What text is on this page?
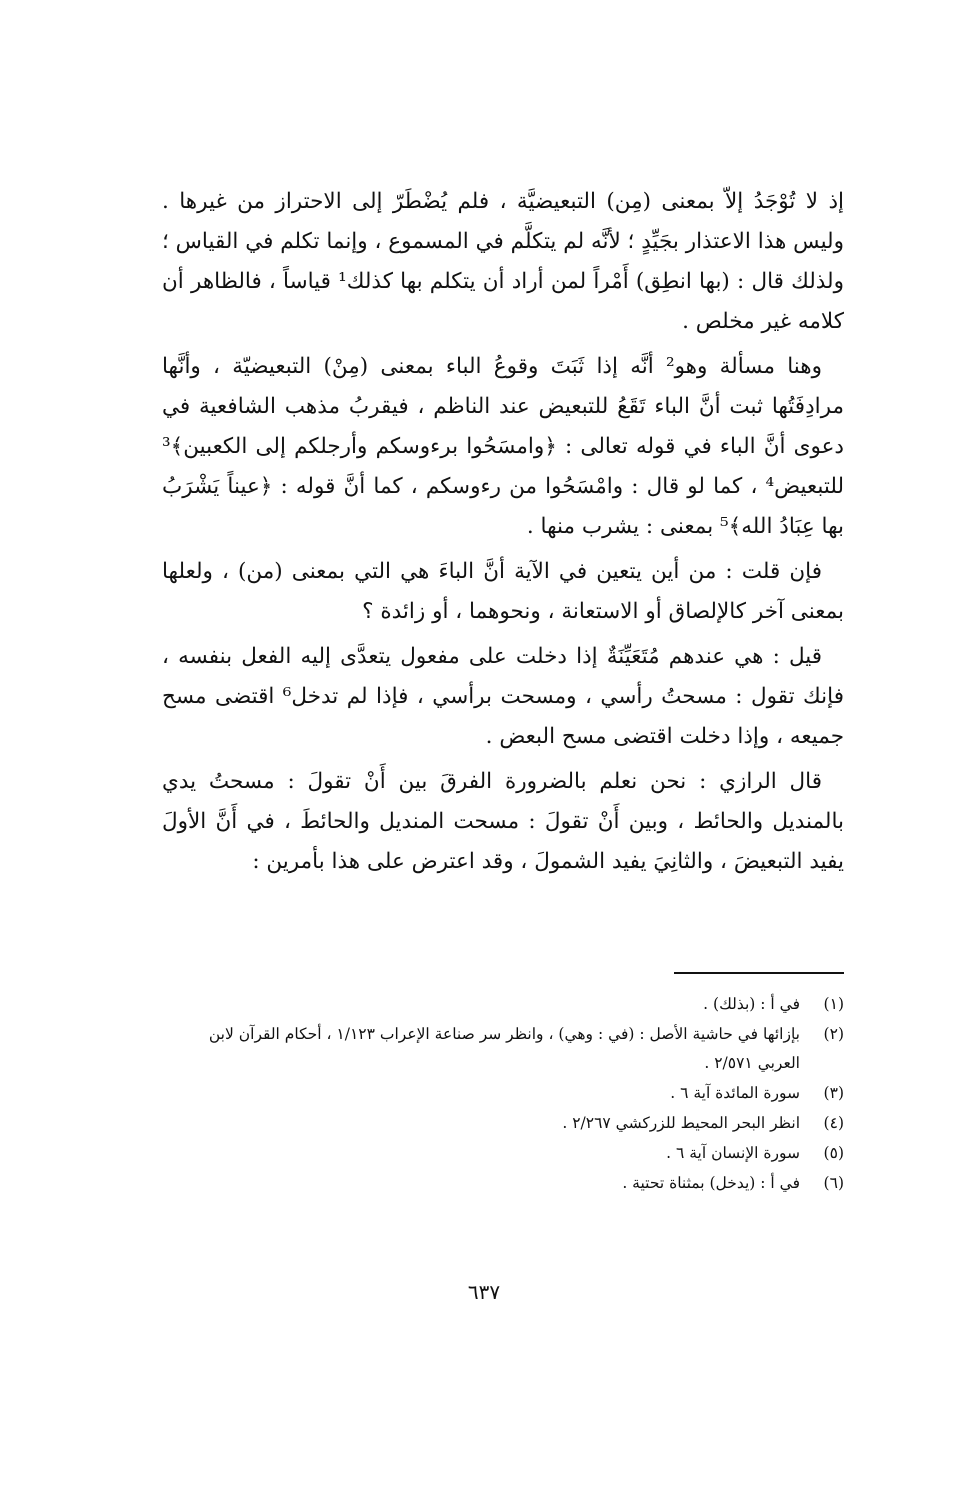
إذ لا تُوْجَدُ إلاّ بمعنى (مِن) التبعيضيَّة ، فلم يُضْطَرّ إلى الاحتراز من غيرها . وليس هذا الاعتذار بجَيِّدٍ ؛ لأنَّه لم يتكلَّم في المسموع ، وإنما تكلم في القياس ؛ ولذلك قال : (بها انطِق) أَمْراً لمن أراد أن يتكلم بها كذلك¹ قياساً ، فالظاهر أن كلامه غير مخلص .

وهنا مسألة وهو² أنَّه إذا ثَبَتَ وقوعُ الباء بمعنى (مِنْ) التبعيضيّة ، وأنَّها مرادِفَتُها ثبت أنَّ الباء تَقَعُ للتبعيض عند الناظم ، فيقربُ مذهب الشافعية في دعوى أنَّ الباء في قوله تعالى : ﴿وامسَحُوا برءوسكم وأرجلكم إلى الكعبين﴾³ للتبعيض⁴ ، كما لو قال : وامْسَحُوا من رءوسكم ، كما أنَّ قوله : ﴿عيناً يَشْرَبُ بها عِبَادُ الله﴾⁵ بمعنى : يشرب منها .

فإن قلت : من أين يتعين في الآية أنَّ الباءَ هي التي بمعنى (من) ، ولعلها بمعنى آخر كالإلصاق أو الاستعانة ، ونحوهما ، أو زائدة ؟

قيل : هي عندهم مُتَعَيِّنَةٌ إذا دخلت على مفعول يتعدَّى إليه الفعل بنفسه ، فإنك تقول : مسحتُ رأسي ، ومسحت برأسي ، فإذا لم تدخل⁶ اقتضى مسح جميعه ، وإذا دخلت اقتضى مسح البعض .

قال الرازي : نحن نعلم بالضرورة الفرقَ بين أَنْ تقولَ : مسحتُ يدي بالمنديل والحائط ، وبين أَنْ تقولَ : مسحت المنديل والحائطَ ، في أَنَّ الأولَ يفيد التبعيضَ ، والثانِيَ يفيد الشمولَ ، وقد اعترض على هذا بأمرين :

(١)
في أ : (بذلك) .
(٢)
بإزائها في حاشية الأصل : (في : وهي) ، وانظر سر صناعة الإعراب ١/١٢٣ ، أحكام القرآن لابن العربي ٢/٥٧١ .
(٣)
سورة المائدة آية ٦ .
(٤)
انظر البحر المحيط للزركشي ٢/٢٦٧ .
(٥)
سورة الإنسان آية ٦ .
(٦)
في أ : (يدخل) بمثناة تحتية .
٦٣٧
